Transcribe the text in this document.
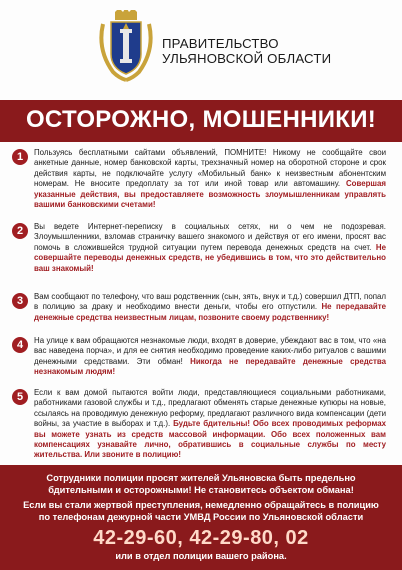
ПРАВИТЕЛЬСТВО
УЛЬЯНОВСКОЙ ОБЛАСТИ
ОСТОРОЖНО, МОШЕННИКИ!
1	Пользуясь бесплатными сайтами объявлений, ПОМНИТЕ! Никому не сообщайте свои анкетные данные, номер банковской карты, трехзначный номер на оборотной стороне и срок действия карты, не подключайте услугу «Мобильный банк» к неизвестным абонентским номерам. Не вносите предоплату за тот или иной товар или автомашину. Совершая указанные действия, вы предоставляете возможность злоумышленникам управлять вашими банковскими счетами!
2	Вы ведете Интернет-переписку в социальных сетях, ни о чем не подозревая. Злоумышленники, взломав страничку вашего знакомого и действуя от его имени, просят вас помочь в сложившейся трудной ситуации путем перевода денежных средств на счет. Не совершайте переводы денежных средств, не убедившись в том, что это действительно ваш знакомый!
3	Вам сообщают по телефону, что ваш родственник (сын, зять, внук и т.д.) совершил ДТП, попал в полицию за драку и необходимо внести деньги, чтобы его отпустили. Не передавайте денежные средства неизвестным лицам, позвоните своему родственнику!
4	На улице к вам обращаются незнакомые люди, входят в доверие, убеждают вас в том, что «на вас наведена порча», и для ее снятия необходимо проведение каких-либо ритуалов с вашими денежными средствами. Эти обман! Никогда не передавайте денежные средства незнакомым людям!
5	Если к вам домой пытаются войти люди, представляющиеся социальными работниками, работниками газовой службы и т.д., предлагают обменять старые денежные купюры на новые, ссылаясь на проводимую денежную реформу, предлагают различного вида компенсации (дети войны, за участие в выборах и т.д.). Будьте бдительны! Обо всех проводимых реформах вы можете узнать из средств массовой информации. Обо всех положенных вам компенсациях узнавайте лично, обратившись в социальные службы по месту жительства. Или звоните в полицию!
Сотрудники полиции просят жителей Ульяновска быть предельно
бдительными и осторожными! Не становитесь объектом обмана!
Если вы стали жертвой преступления, немедленно обращайтесь в полицию
по телефонам дежурной части УМВД России по Ульяновской области
42-29-60, 42-29-80, 02
или в отдел полиции вашего района.
